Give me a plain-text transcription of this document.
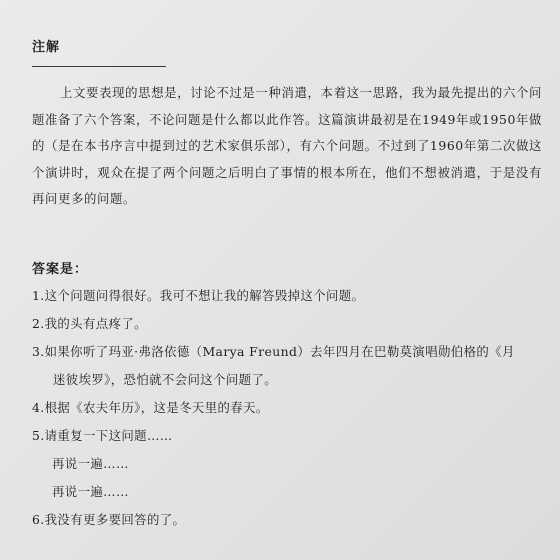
注解
上文要表现的思想是，讨论不过是一种消遣，本着这一思路，我为最先提出的六个问题准备了六个答案，不论问题是什么都以此作答。这篇演讲最初是在1949年或1950年做的（是在本书序言中提到过的艺术家俱乐部），有六个问题。不过到了1960年第二次做这个演讲时，观众在提了两个问题之后明白了事情的根本所在，他们不想被消遣，于是没有再问更多的问题。
答案是：
1.这个问题问得很好。我可不想让我的解答毁掉这个问题。
2.我的头有点疼了。
3.如果你听了玛亚·弗洛依德（Marya Freund）去年四月在巴勒莫演唱勋伯格的《月
迷彼埃罗》，恐怕就不会问这个问题了。
4.根据《农夫年历》，这是冬天里的春天。
5.请重复一下这问题……
再说一遍……
再说一遍……
6.我没有更多要回答的了。
